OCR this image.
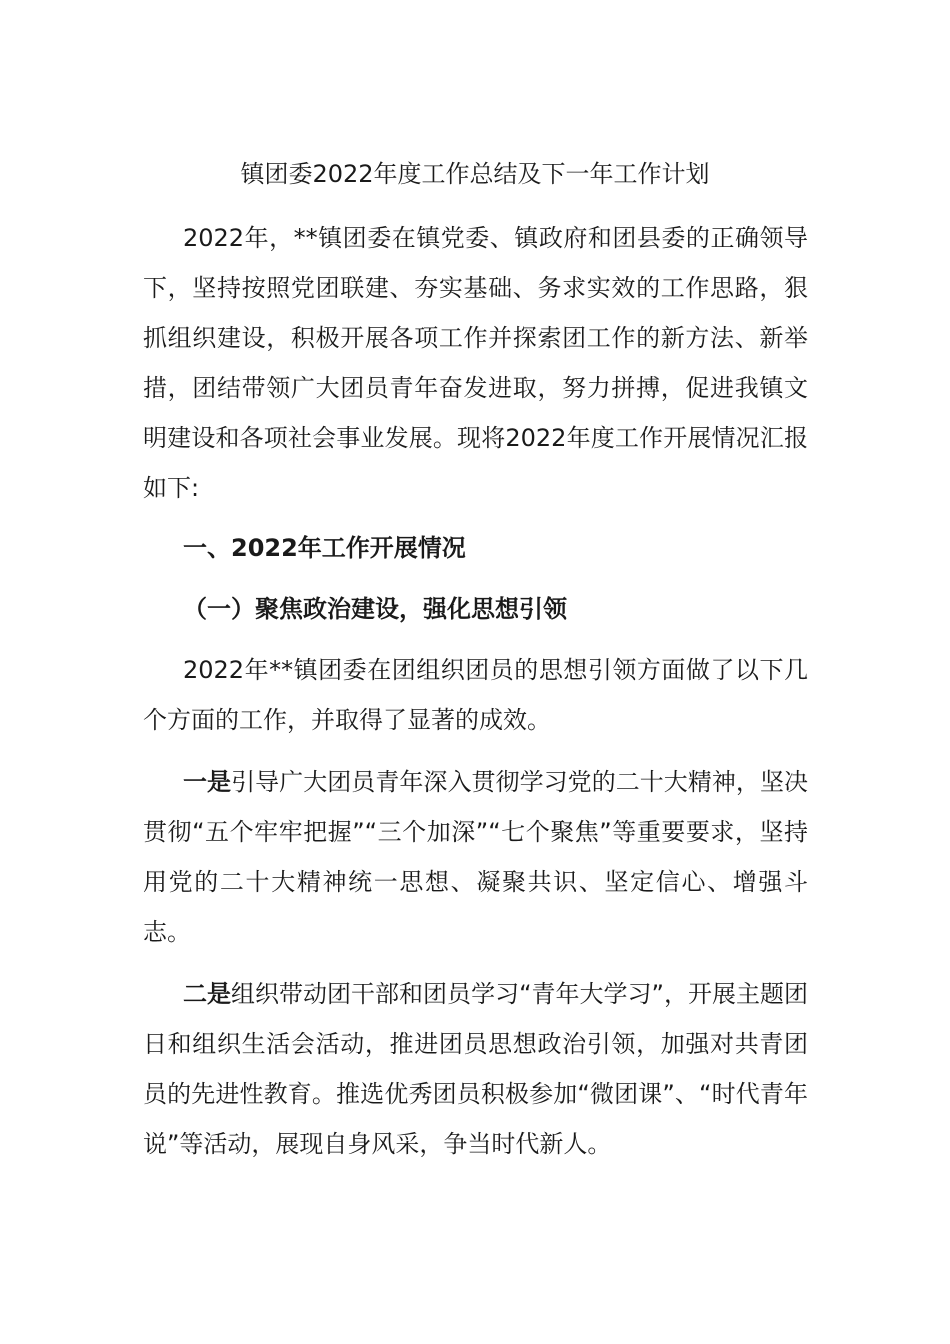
镇团委2022年度工作总结及下一年工作计划

2022年，**镇团委在镇党委、镇政府和团县委的正确领导下，坚持按照党团联建、夯实基础、务求实效的工作思路，狠抓组织建设，积极开展各项工作并探索团工作的新方法、新举措，团结带领广大团员青年奋发进取，努力拼搏，促进我镇文明建设和各项社会事业发展。现将2022年度工作开展情况汇报如下:

一、2022年工作开展情况

（一）聚焦政治建设，强化思想引领

2022年**镇团委在团组织团员的思想引领方面做了以下几个方面的工作，并取得了显著的成效。

一是引导广大团员青年深入贯彻学习党的二十大精神，坚决贯彻“五个牢牢把握”“三个加深”“七个聚焦”等重要要求，坚持用党的二十大精神统一思想、凝聚共识、坚定信心、增强斗志。

二是组织带动团干部和团员学习“青年大学习”，开展主题团日和组织生活会活动，推进团员思想政治引领，加强对共青团员的先进性教育。推选优秀团员积极参加“微团课”、“时代青年说”等活动，展现自身风采，争当时代新人。
